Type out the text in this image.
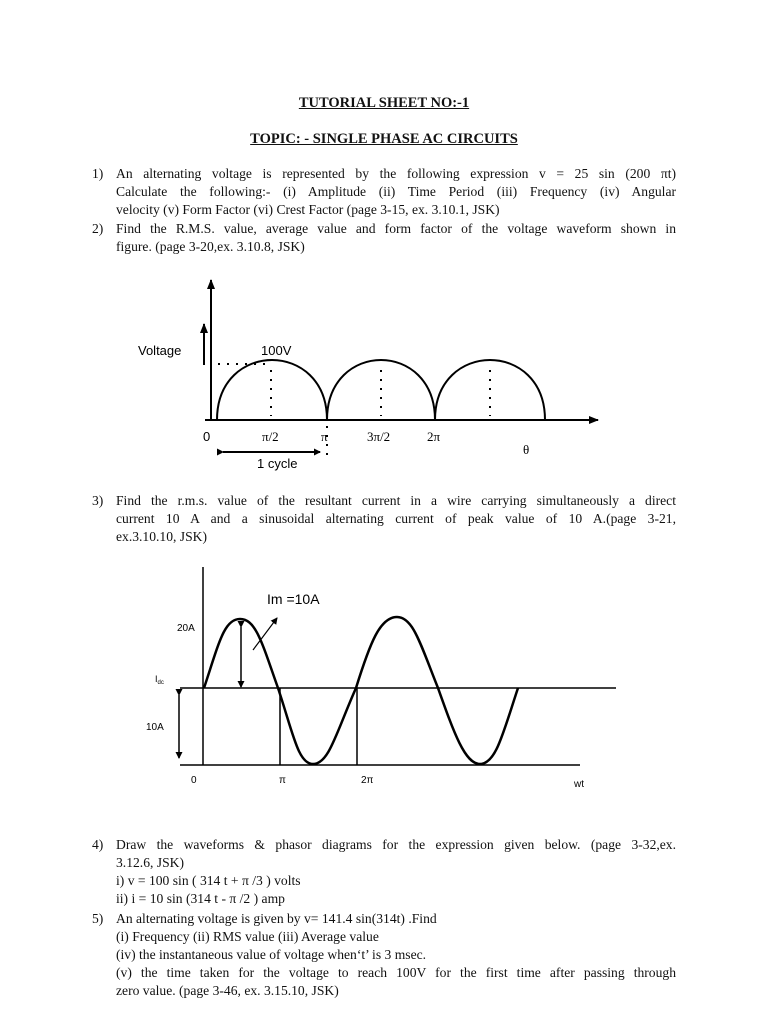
TUTORIAL SHEET NO:-1
TOPIC: - SINGLE PHASE AC CIRCUITS
1) An alternating voltage is represented by the following expression v = 25 sin (200 πt)
Calculate the following:- (i) Amplitude (ii) Time Period (iii) Frequency (iv) Angular
velocity (v) Form Factor (vi) Crest Factor (page 3-15, ex. 3.10.1, JSK)
2) Find the R.M.S. value, average value and form factor of the voltage waveform shown in
figure. (page 3-20,ex. 3.10.8, JSK)
Voltage	100V
0	π/2	π	3π/2	2π
θ
1 cycle
3) Find the r.m.s. value of the resultant current in a wire carrying simultaneously a direct
current 10 A and a sinusoidal alternating current of peak value of 10 A.(page 3-21,
ex.3.10.10, JSK)
Im =10A
20A
$I_{dc}$
10A
0	π	2π	wt
4) Draw the waveforms & phasor diagrams for the expression given below. (page 3-32,ex.
3.12.6, JSK)
i) v = 100 sin ( 314 t + π /3 ) volts
ii) i = 10 sin (314 t - π /2 ) amp
5) An alternating voltage is given by v= 141.4 sin(314t) .Find
(i) Frequency (ii) RMS value (iii) Average value
(iv) the instantaneous value of voltage when‘t’ is 3 msec.
(v) the time taken for the voltage to reach 100V for the first time after passing through
zero value. (page 3-46, ex. 3.15.10, JSK)
